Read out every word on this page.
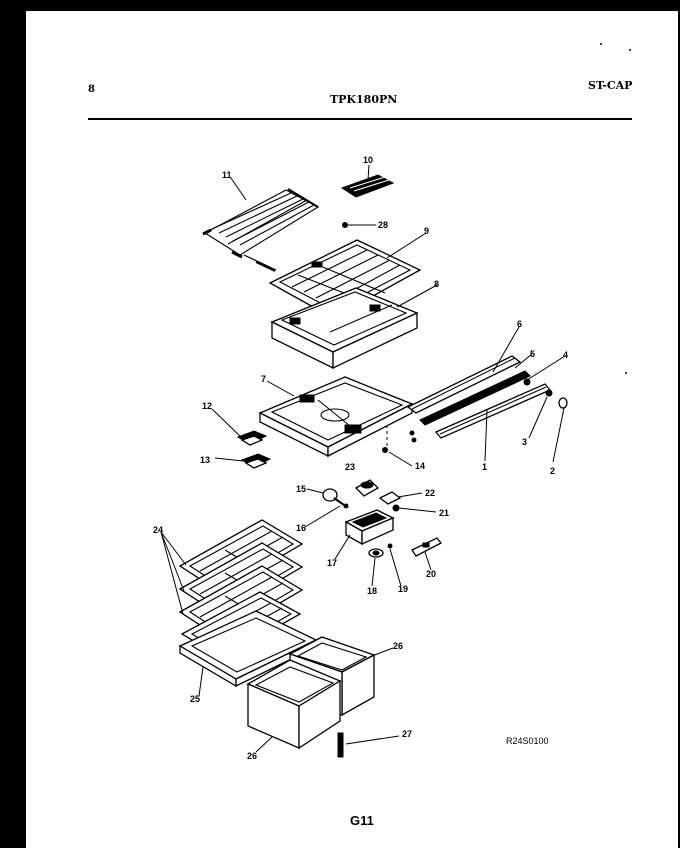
8
TPK180PN
ST-CAP
11
10
28
9
8
7
6
5	4
3
2
1
12
13
14
23
15
16
22
21
17
18 19
20
24
25
26
26
27
R24S0100
G11
